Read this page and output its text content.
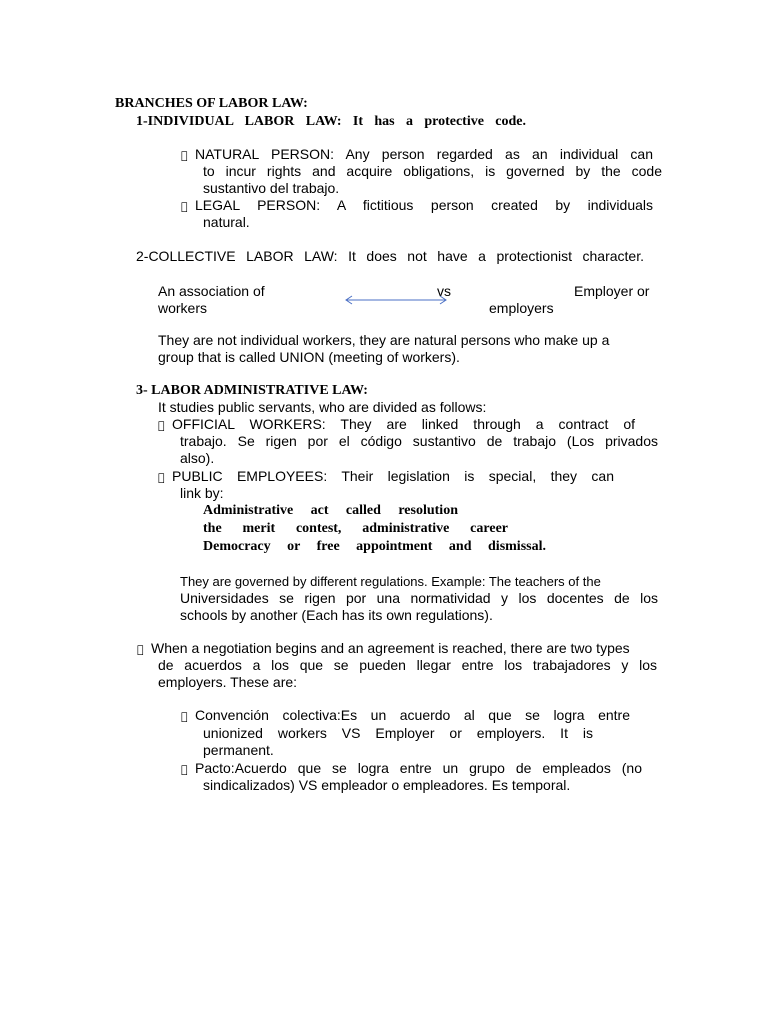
BRANCHES OF LABOR LAW:
1-INDIVIDUAL LABOR LAW: It has a protective code.
NATURAL PERSON: Any person regarded as an individual can
to incur rights and acquire obligations, is governed by the code
sustantivo del trabajo.
LEGAL PERSON: A fictitious person created by individuals
natural.
2-COLLECTIVE LABOR LAW: It does not have a protectionist character.
An association of	vs	Employer or
workers	employers
They are not individual workers, they are natural persons who make up a
group that is called UNION (meeting of workers).
3- LABOR ADMINISTRATIVE LAW:
It studies public servants, who are divided as follows:
OFFICIAL WORKERS: They are linked through a contract of
trabajo. Se rigen por el código sustantivo de trabajo (Los privados
also).
PUBLIC EMPLOYEES: Their legislation is special, they can
link by:
Administrative act called resolution
the merit contest, administrative career
Democracy or free appointment and dismissal.
They are governed by different regulations. Example: The teachers of the
Universidades se rigen por una normatividad y los docentes de los
schools by another (Each has its own regulations).
When a negotiation begins and an agreement is reached, there are two types
de acuerdos a los que se pueden llegar entre los trabajadores y los
employers. These are:
Convención colectiva:Es un acuerdo al que se logra entre
unionized workers VS Employer or employers. It is
permanent.
Pacto:Acuerdo que se logra entre un grupo de empleados (no
sindicalizados) VS empleador o empleadores. Es temporal.
